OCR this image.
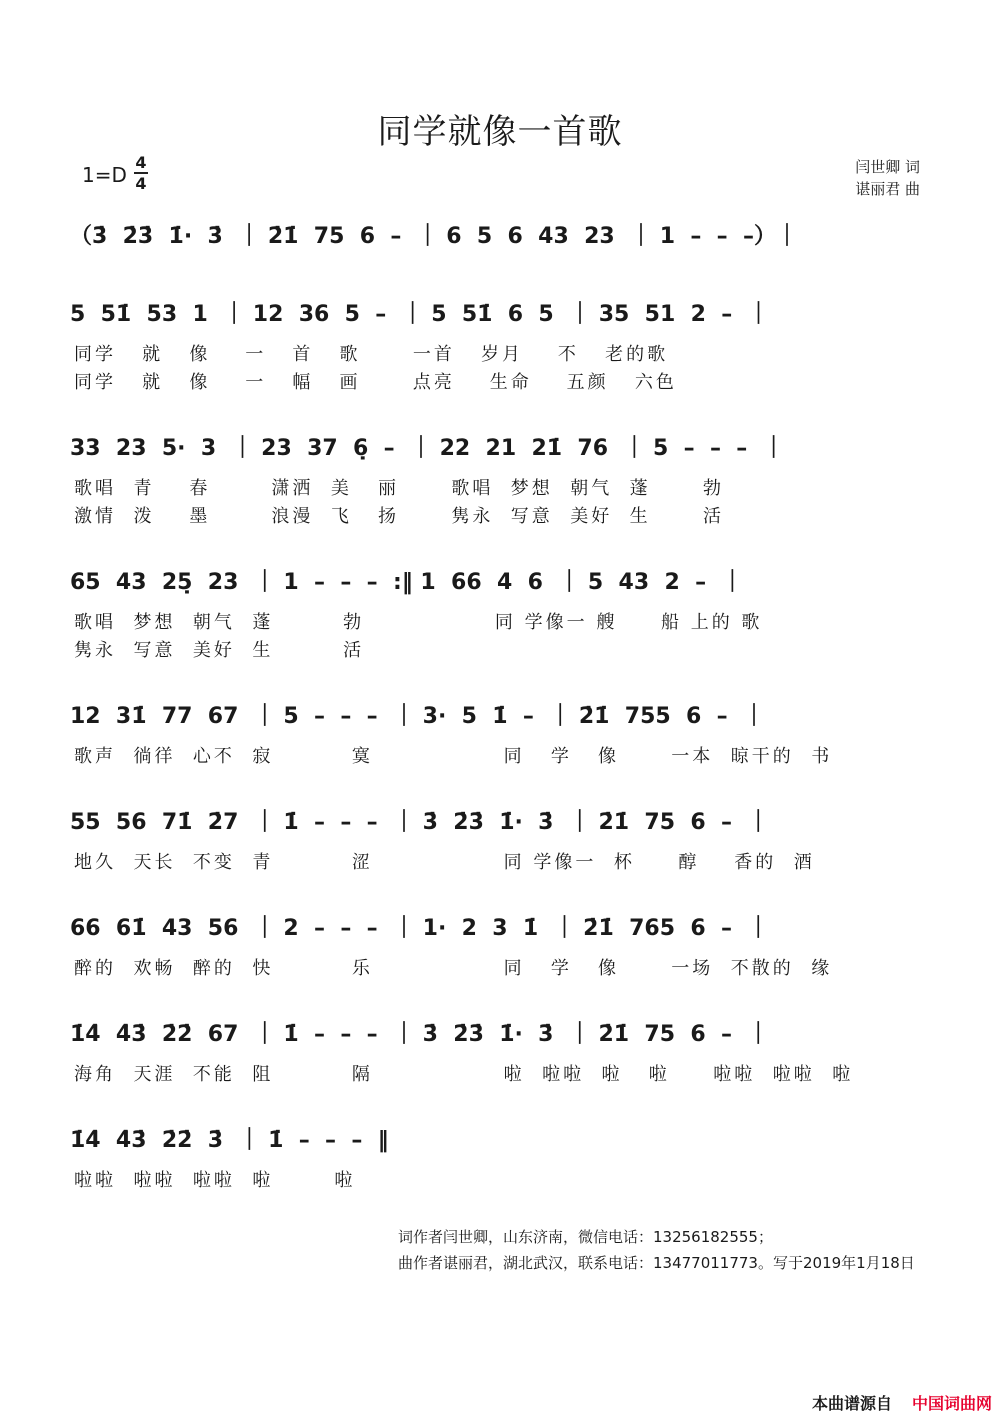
同学就像一首歌
1=D
4
4
闫世卿 词
谌丽君 曲
（3̇  2̇3̇  1̇·  3̇  ｜ 2̇1̇  75  6  –  ｜ 6  5  6  43  23  ｜ 1  –  –  –）｜
5  51̇  53  1  ｜ 12  36  5  –  ｜ 5  51̇  6  5  ｜ 35  51  2  –  ｜
同学   就   像    一   首   歌      一首   岁月    不   老的歌
同学   就   像    一   幅   画      点亮    生命    五颜   六色
33  23  5·  3  ｜ 23  37  6̣  –  ｜ 22  21  21̇  76  ｜ 5  –  –  –  ｜
歌唱  青    春       潇洒  美   丽      歌唱  梦想  朝气  蓬      勃
激情  泼    墨       浪漫  飞   扬      隽永  写意  美好  生      活
65  43  25̣  23  ｜ 1  –  –  –  :‖ 1  66  4  6  ｜ 5  43  2  –  ｜
歌唱  梦想  朝气  蓬        勃               同 学像一 艘     船 上的 歌
隽永  写意  美好  生        活
12  31̇  77  67  ｜ 5  –  –  –  ｜ 3·  5  1̇  –  ｜ 2̇1̇  755  6  –  ｜
歌声  徜徉  心不  寂         寞               同   学   像      一本  晾干的  书
55  56  71̇  2̇7  ｜ 1̇  –  –  –  ｜ 3̇  2̇3̇  1̇·  3̇  ｜ 2̇1̇  75  6  –  ｜
地久  天长  不变  青         涩               同 学像一  杯     醇    香的  酒
66  61̇  43  56  ｜ 2  –  –  –  ｜ 1·  2  3  1̇  ｜ 2̇1̇  765  6  –  ｜
醉的  欢畅  醉的  快         乐               同   学   像      一场  不散的  缘
1̇4̇  4̇3̇  2̇2̇  67  ｜ 1̇  –  –  –  ｜ 3̇  2̇3̇  1̇·  3̇  ｜ 2̇1̇  75  6  –  ｜
海角  天涯  不能  阻         隔               啦  啦啦  啦   啦     啦啦  啦啦  啦
1̇4̇  4̇3̇  2̇2̇  3̇  ｜ 1̇  –  –  –  ‖
啦啦  啦啦  啦啦  啦       啦
词作者闫世卿，山东济南，微信电话：13256182555；
曲作者谌丽君，湖北武汉，联系电话：13477011773。写于2019年1月18日
本曲谱源自 中国词曲网
